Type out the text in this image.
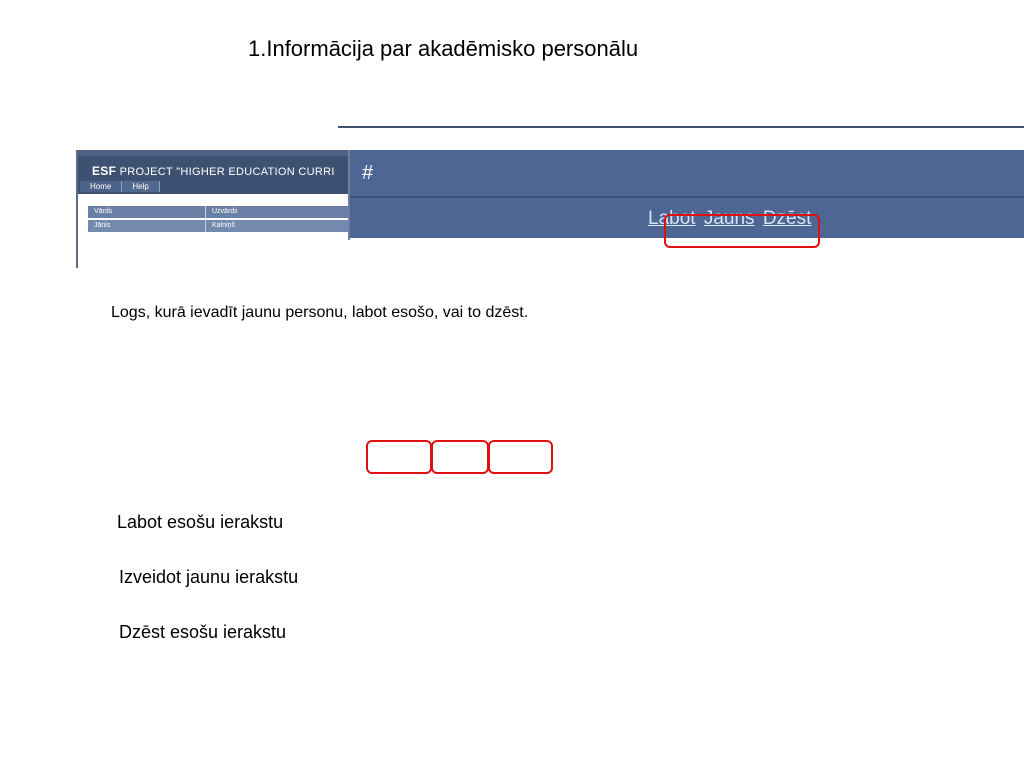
1.Informācija par akadēmisko personālu
ESF PROJECT "HIGHER EDUCATION CURRI
Home	Help
Vārds	Uzvārds
Jānis	Kalniņš
#
Labot Jauns Dzēst
Logs, kurā ievadīt jaunu personu, labot esošo, vai to dzēst.
Labot esošu ierakstu
Izveidot jaunu ierakstu
Dzēst esošu ierakstu
